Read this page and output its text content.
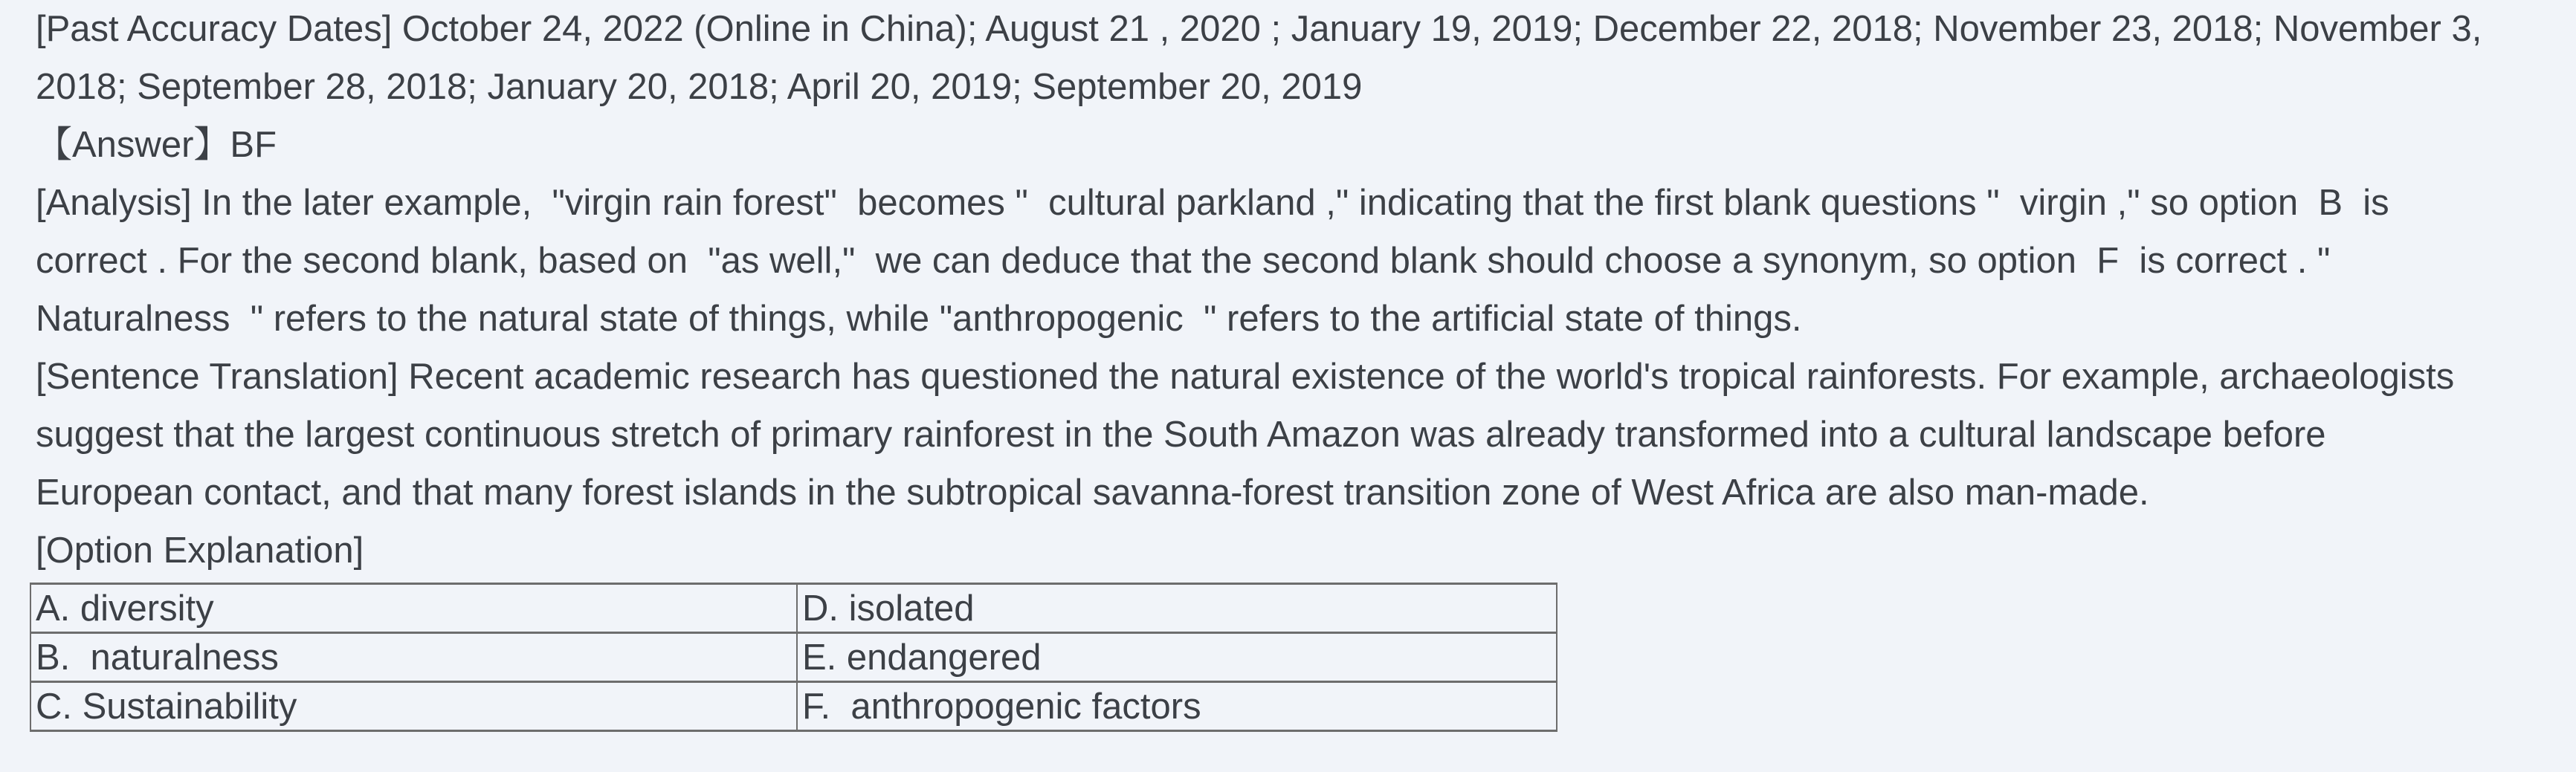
[Past Accuracy Dates] October 24, 2022 (Online in China); August 21 , 2020 ; January 19, 2019; December 22, 2018; November 23, 2018; November 3,
2018; September 28, 2018; January 20, 2018; April 20, 2019; September 20, 2019
【Answer】BF
[Analysis] In the later example,  "virgin rain forest"  becomes "  cultural parkland ," indicating that the first blank questions "  virgin ," so option  B  is
correct . For the second blank, based on  "as well,"  we can deduce that the second blank should choose a synonym, so option  F  is correct . "
Naturalness  " refers to the natural state of things, while "anthropogenic  " refers to the artificial state of things.
[Sentence Translation] Recent academic research has questioned the natural existence of the world's tropical rainforests. For example, archaeologists
suggest that the largest continuous stretch of primary rainforest in the South Amazon was already transformed into a cultural landscape before
European contact, and that many forest islands in the subtropical savanna-forest transition zone of West Africa are also man-made.
[Option Explanation]
A. diversity	D. isolated
B.  naturalness	E. endangered
C. Sustainability	F.  anthropogenic factors
